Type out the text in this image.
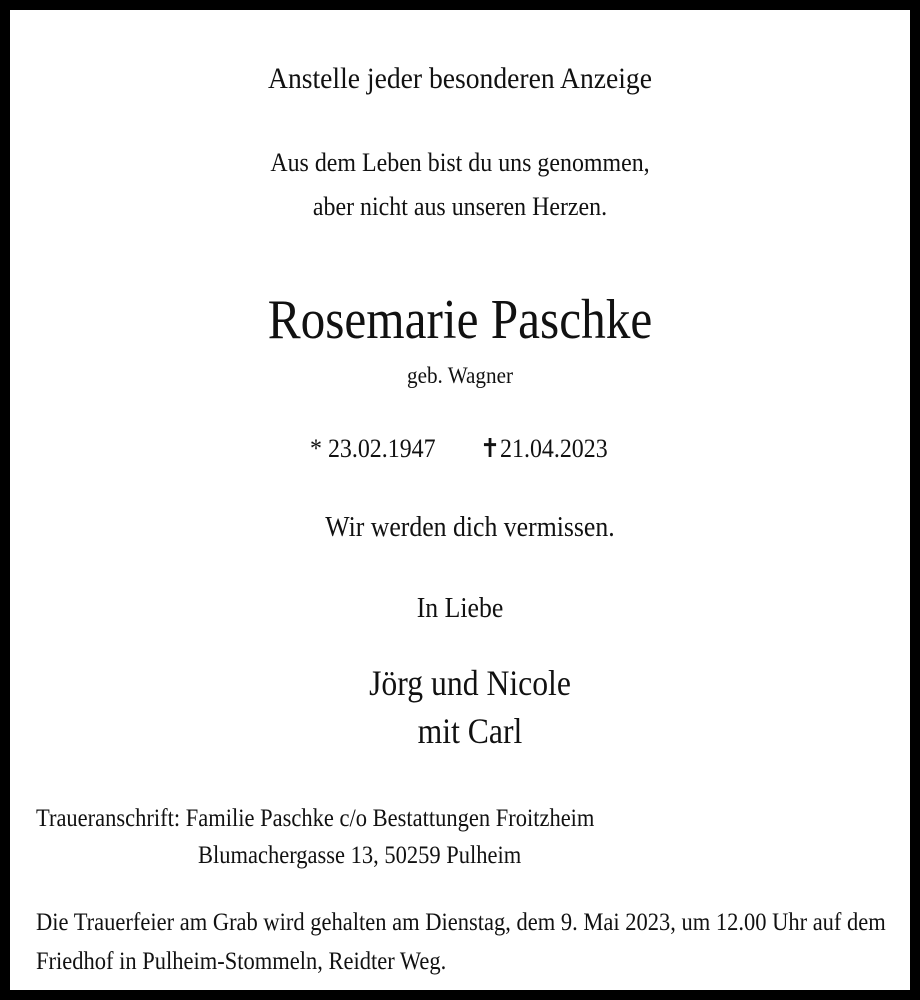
Anstelle jeder besonderen Anzeige
Aus dem Leben bist du uns genommen,
aber nicht aus unseren Herzen.
Rosemarie Paschke
geb. Wagner
* 23.02.1947 ✝21.04.2023
Wir werden dich vermissen.
In Liebe
Jörg und Nicole
mit Carl
Traueranschrift: Familie Paschke c/o Bestattungen Froitzheim
Blumachergasse 13, 50259 Pulheim
Die Trauerfeier am Grab wird gehalten am Dienstag, dem 9. Mai 2023, um 12.00 Uhr auf dem Friedhof in Pulheim-Stommeln, Reidter Weg.
